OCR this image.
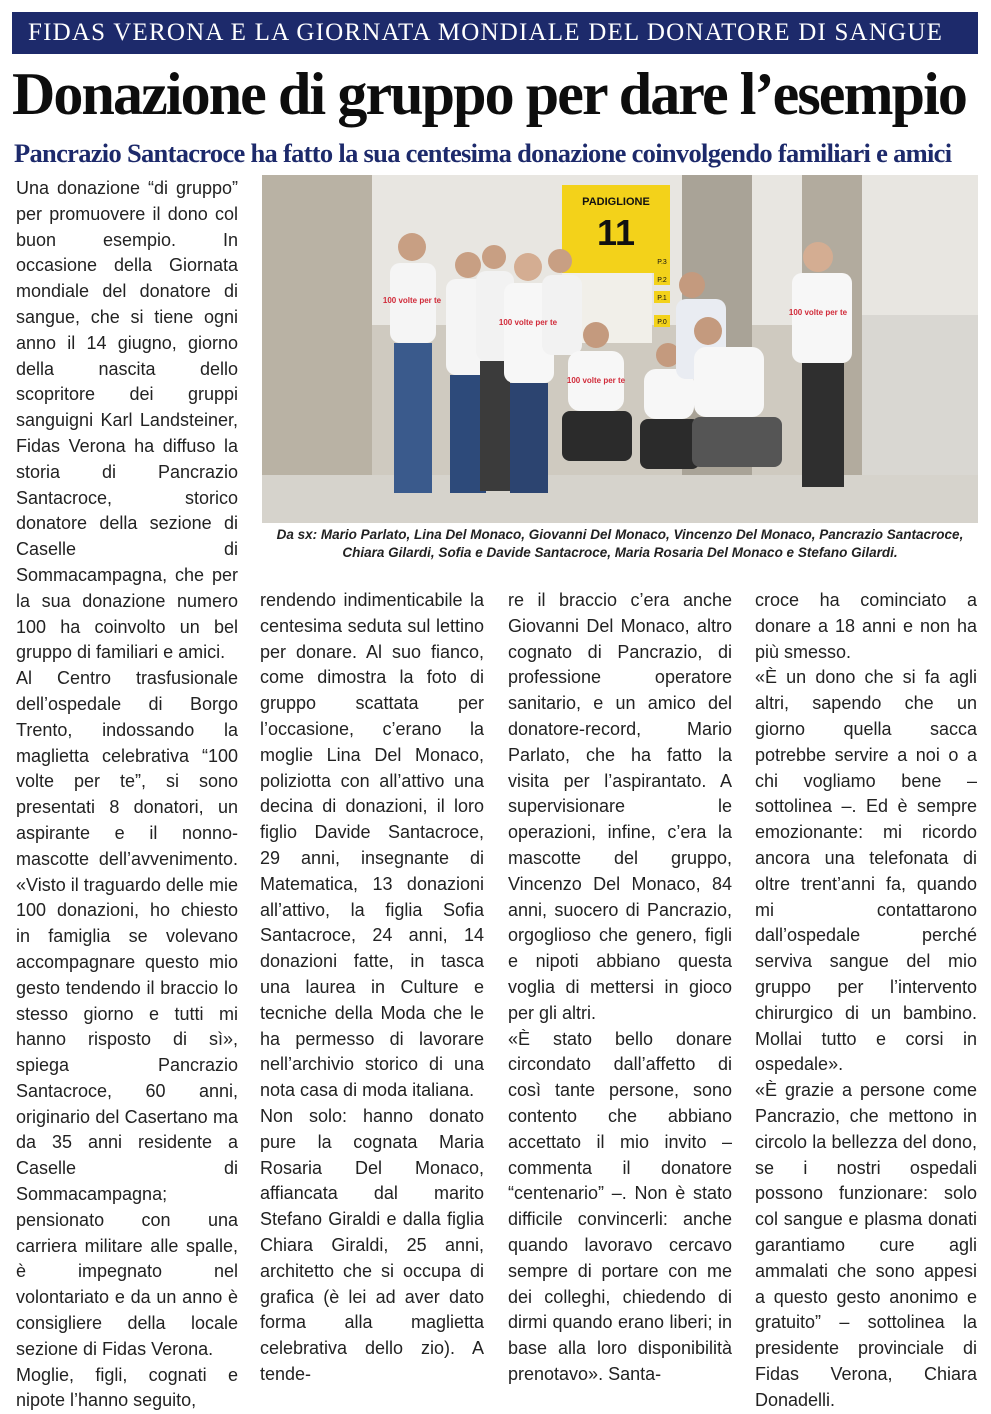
FIDAS VERONA E LA GIORNATA MONDIALE DEL DONATORE DI SANGUE
Donazione di gruppo per dare l’esempio
Pancrazio Santacroce ha fatto la sua centesima donazione coinvolgendo familiari e amici

Una donazione “di gruppo” per promuovere il dono col buon esempio. In occasione della Giornata mondiale del donatore di sangue, che si tiene ogni anno il 14 giugno, giorno della nascita dello scopritore dei gruppi sanguigni Karl Landsteiner, Fidas Verona ha diffuso la storia di Pancrazio Santacroce, storico donatore della sezione di Caselle di Sommacampagna, che per la sua donazione numero 100 ha coinvolto un bel gruppo di familiari e amici.

Al Centro trasfusionale dell’ospedale di Borgo Trento, indossando la maglietta celebrativa “100 volte per te”, si sono presentati 8 donatori, un aspirante e il nonno-mascotte dell’avvenimento. «Visto il traguardo delle mie 100 donazioni, ho chiesto in famiglia se volevano accompagnare questo mio gesto tendendo il braccio lo stesso giorno e tutti mi hanno risposto di sì», spiega Pancrazio Santacroce, 60 anni, originario del Casertano ma da 35 anni residente a Caselle di Sommacampagna; pensionato con una carriera militare alle spalle, è impegnato nel volontariato e da un anno è consigliere della locale sezione di Fidas Verona.

Moglie, figli, cognati e nipote l’hanno seguito,

PADIGLIONE
11
P.3
P.2
P.1
P.0
100 volte per te
100 volte per te
100 volte per te
100 volte per te
Da sx: Mario Parlato, Lina Del Monaco, Giovanni Del Monaco, Vincenzo Del Monaco, Pancrazio Santacroce, Chiara Gilardi, Sofia e Davide Santacroce, Maria Rosaria Del Monaco e Stefano Gilardi.

rendendo indimenticabile la centesima seduta sul lettino per donare. Al suo fianco, come dimostra la foto di gruppo scattata per l’occasione, c’erano la moglie Lina Del Monaco, poliziotta con all’attivo una decina di donazioni, il loro figlio Davide Santacroce, 29 anni, insegnante di Matematica, 13 donazioni all’attivo, la figlia Sofia Santacroce, 24 anni, 14 donazioni fatte, in tasca una laurea in Culture e tecniche della Moda che le ha permesso di lavorare nell’archivio storico di una nota casa di moda italiana.

Non solo: hanno donato pure la cognata Maria Rosaria Del Monaco, affiancata dal marito Stefano Giraldi e dalla figlia Chiara Giraldi, 25 anni, architetto che si occupa di grafica (è lei ad aver dato forma alla maglietta celebrativa dello zio). A tende-

re il braccio c’era anche Giovanni Del Monaco, altro cognato di Pancrazio, di professione operatore sanitario, e un amico del donatore-record, Mario Parlato, che ha fatto la visita per l’aspirantato. A supervisionare le operazioni, infine, c’era la mascotte del gruppo, Vincenzo Del Monaco, 84 anni, suocero di Pancrazio, orgoglioso che genero, figli e nipoti abbiano questa voglia di mettersi in gioco per gli altri.

«È stato bello donare circondato dall’affetto di così tante persone, sono contento che abbiano accettato il mio invito – commenta il donatore “centenario” –. Non è stato difficile convincerli: anche quando lavoravo cercavo sempre di portare con me dei colleghi, chiedendo di dirmi quando erano liberi; in base alla loro disponibilità prenotavo». Santa-

croce ha cominciato a donare a 18 anni e non ha più smesso.

«È un dono che si fa agli altri, sapendo che un giorno quella sacca potrebbe servire a noi o a chi vogliamo bene – sottolinea –. Ed è sempre emozionante: mi ricordo ancora una telefonata di oltre trent’anni fa, quando mi contattarono dall’ospedale perché serviva sangue del mio gruppo per l’intervento chirurgico di un bambino. Mollai tutto e corsi in ospedale».

«È grazie a persone come Pancrazio, che mettono in circolo la bellezza del dono, se i nostri ospedali possono funzionare: solo col sangue e plasma donati garantiamo cure agli ammalati che sono appesi a questo gesto anonimo e gratuito” – sottolinea la presidente provinciale di Fidas Verona, Chiara Donadelli.
